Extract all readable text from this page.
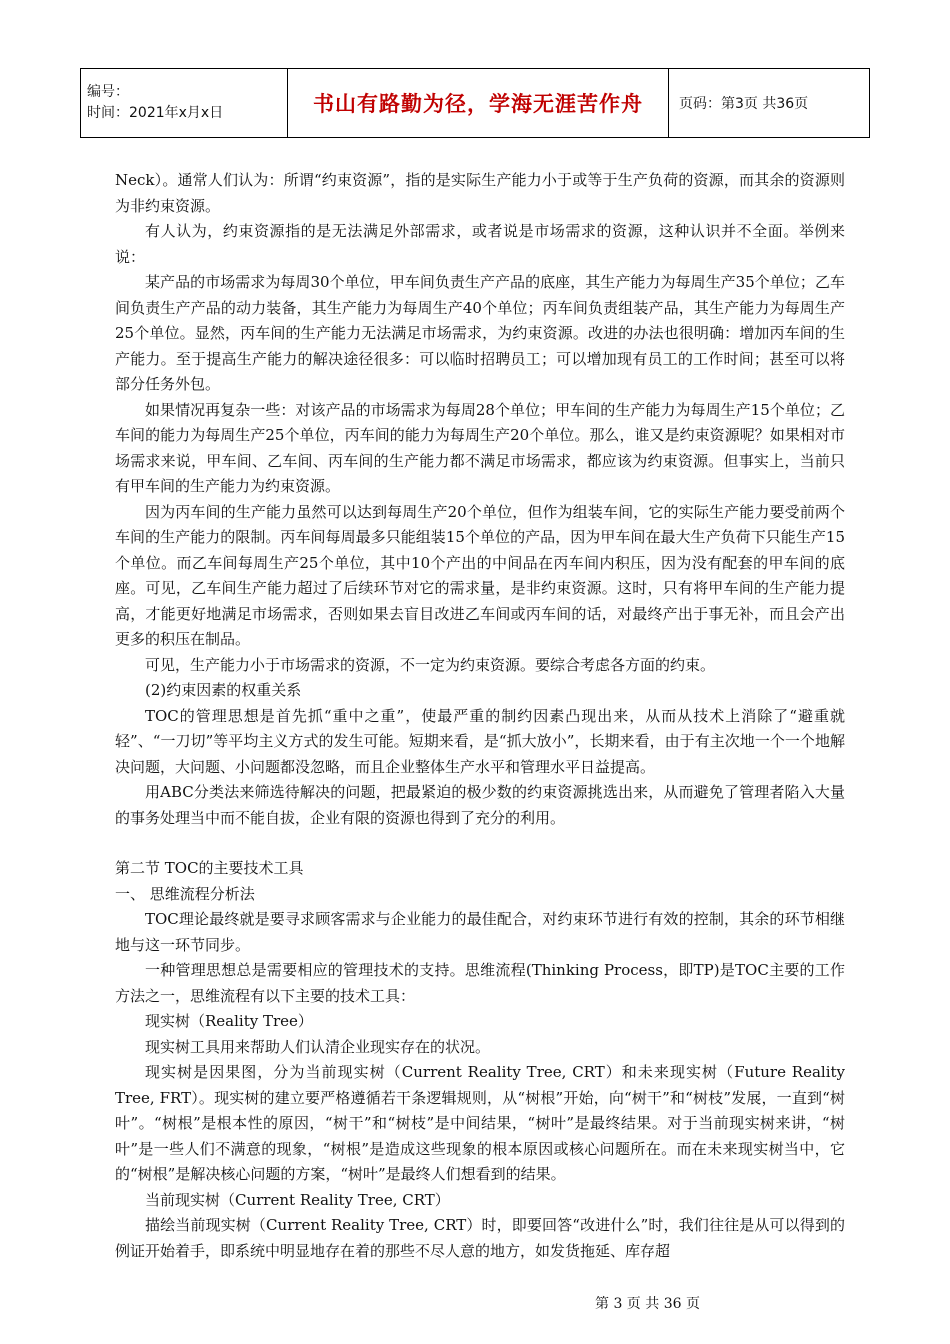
编号：
时间：2021年x月x日	书山有路勤为径，学海无涯苦作舟	页码：第3页 共36页

Neck）。通常人们认为：所谓“约束资源”，指的是实际生产能力小于或等于生产负荷的资源，而其余的资源则为非约束资源。

有人认为，约束资源指的是无法满足外部需求，或者说是市场需求的资源，这种认识并不全面。举例来说：

某产品的市场需求为每周30个单位，甲车间负责生产产品的底座，其生产能力为每周生产35个单位；乙车间负责生产产品的动力装备，其生产能力为每周生产40个单位；丙车间负责组装产品，其生产能力为每周生产25个单位。显然，丙车间的生产能力无法满足市场需求，为约束资源。改进的办法也很明确：增加丙车间的生产能力。至于提高生产能力的解决途径很多：可以临时招聘员工；可以增加现有员工的工作时间；甚至可以将部分任务外包。

如果情况再复杂一些：对该产品的市场需求为每周28个单位；甲车间的生产能力为每周生产15个单位；乙车间的能力为每周生产25个单位，丙车间的能力为每周生产20个单位。那么，谁又是约束资源呢？如果相对市场需求来说，甲车间、乙车间、丙车间的生产能力都不满足市场需求，都应该为约束资源。但事实上，当前只有甲车间的生产能力为约束资源。

因为丙车间的生产能力虽然可以达到每周生产20个单位，但作为组装车间，它的实际生产能力要受前两个车间的生产能力的限制。丙车间每周最多只能组装15个单位的产品，因为甲车间在最大生产负荷下只能生产15个单位。而乙车间每周生产25个单位，其中10个产出的中间品在丙车间内积压，因为没有配套的甲车间的底座。可见，乙车间生产能力超过了后续环节对它的需求量，是非约束资源。这时，只有将甲车间的生产能力提高，才能更好地满足市场需求，否则如果去盲目改进乙车间或丙车间的话，对最终产出于事无补，而且会产出更多的积压在制品。

可见，生产能力小于市场需求的资源，不一定为约束资源。要综合考虑各方面的约束。

(2)约束因素的权重关系

TOC的管理思想是首先抓“重中之重”，使最严重的制约因素凸现出来，从而从技术上消除了“避重就轻”、“一刀切”等平均主义方式的发生可能。短期来看，是“抓大放小”，长期来看，由于有主次地一个一个地解决问题，大问题、小问题都没忽略，而且企业整体生产水平和管理水平日益提高。

用ABC分类法来筛选待解决的问题，把最紧迫的极少数的约束资源挑选出来，从而避免了管理者陷入大量的事务处理当中而不能自拔，企业有限的资源也得到了充分的利用。

第二节 TOC的主要技术工具

一、 思维流程分析法

TOC理论最终就是要寻求顾客需求与企业能力的最佳配合，对约束环节进行有效的控制，其余的环节相继地与这一环节同步。

一种管理思想总是需要相应的管理技术的支持。思维流程(Thinking Process，即TP)是TOC主要的工作方法之一，思维流程有以下主要的技术工具：

现实树（Reality Tree）

现实树工具用来帮助人们认清企业现实存在的状况。

现实树是因果图，分为当前现实树（Current Reality Tree, CRT）和未来现实树（Future Reality Tree, FRT）。现实树的建立要严格遵循若干条逻辑规则，从“树根”开始，向“树干”和“树枝”发展，一直到“树叶”。“树根”是根本性的原因，“树干”和“树枝”是中间结果，“树叶”是最终结果。对于当前现实树来讲，“树叶”是一些人们不满意的现象，“树根”是造成这些现象的根本原因或核心问题所在。而在未来现实树当中，它的“树根”是解决核心问题的方案，“树叶”是最终人们想看到的结果。

当前现实树（Current Reality Tree, CRT）

描绘当前现实树（Current Reality Tree, CRT）时，即要回答“改进什么”时，我们往往是从可以得到的例证开始着手，即系统中明显地存在着的那些不尽人意的地方，如发货拖延、库存超

第 3 页 共 36 页
